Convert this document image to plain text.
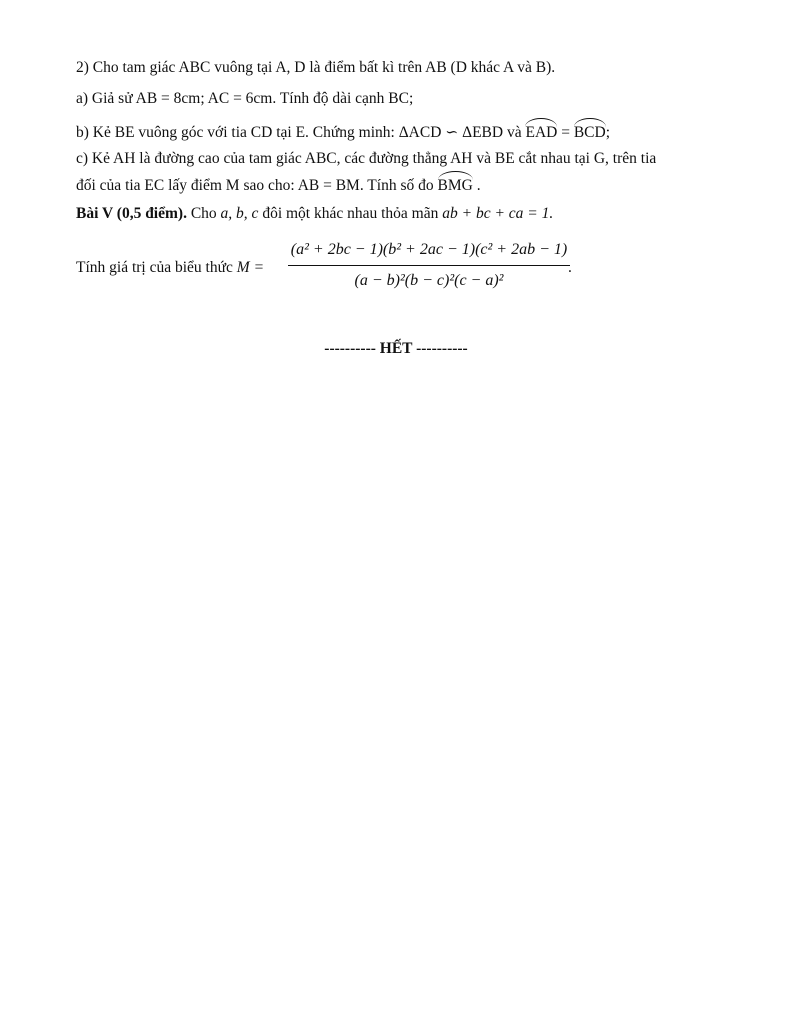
2) Cho tam giác ABC vuông tại A, D là điểm bất kì trên AB (D khác A và B).
a) Giả sử AB = 8cm; AC = 6cm. Tính độ dài cạnh BC;
b) Kẻ BE vuông góc với tia CD tại E. Chứng minh: ΔACD ∽ ΔEBD và EAD = BCD;
c) Kẻ AH là đường cao của tam giác ABC, các đường thẳng AH và BE cắt nhau tại G, trên tia
đối của tia EC lấy điểm M sao cho: AB = BM. Tính số đo BMG .
Bài V (0,5 điểm). Cho a, b, c đôi một khác nhau thỏa mãn ab + bc + ca = 1.
Tính giá trị của biểu thức M =
(a² + 2bc − 1)(b² + 2ac − 1)(c² + 2ab − 1)
(a − b)²(b − c)²(c − a)²
.
---------- HẾT ----------
